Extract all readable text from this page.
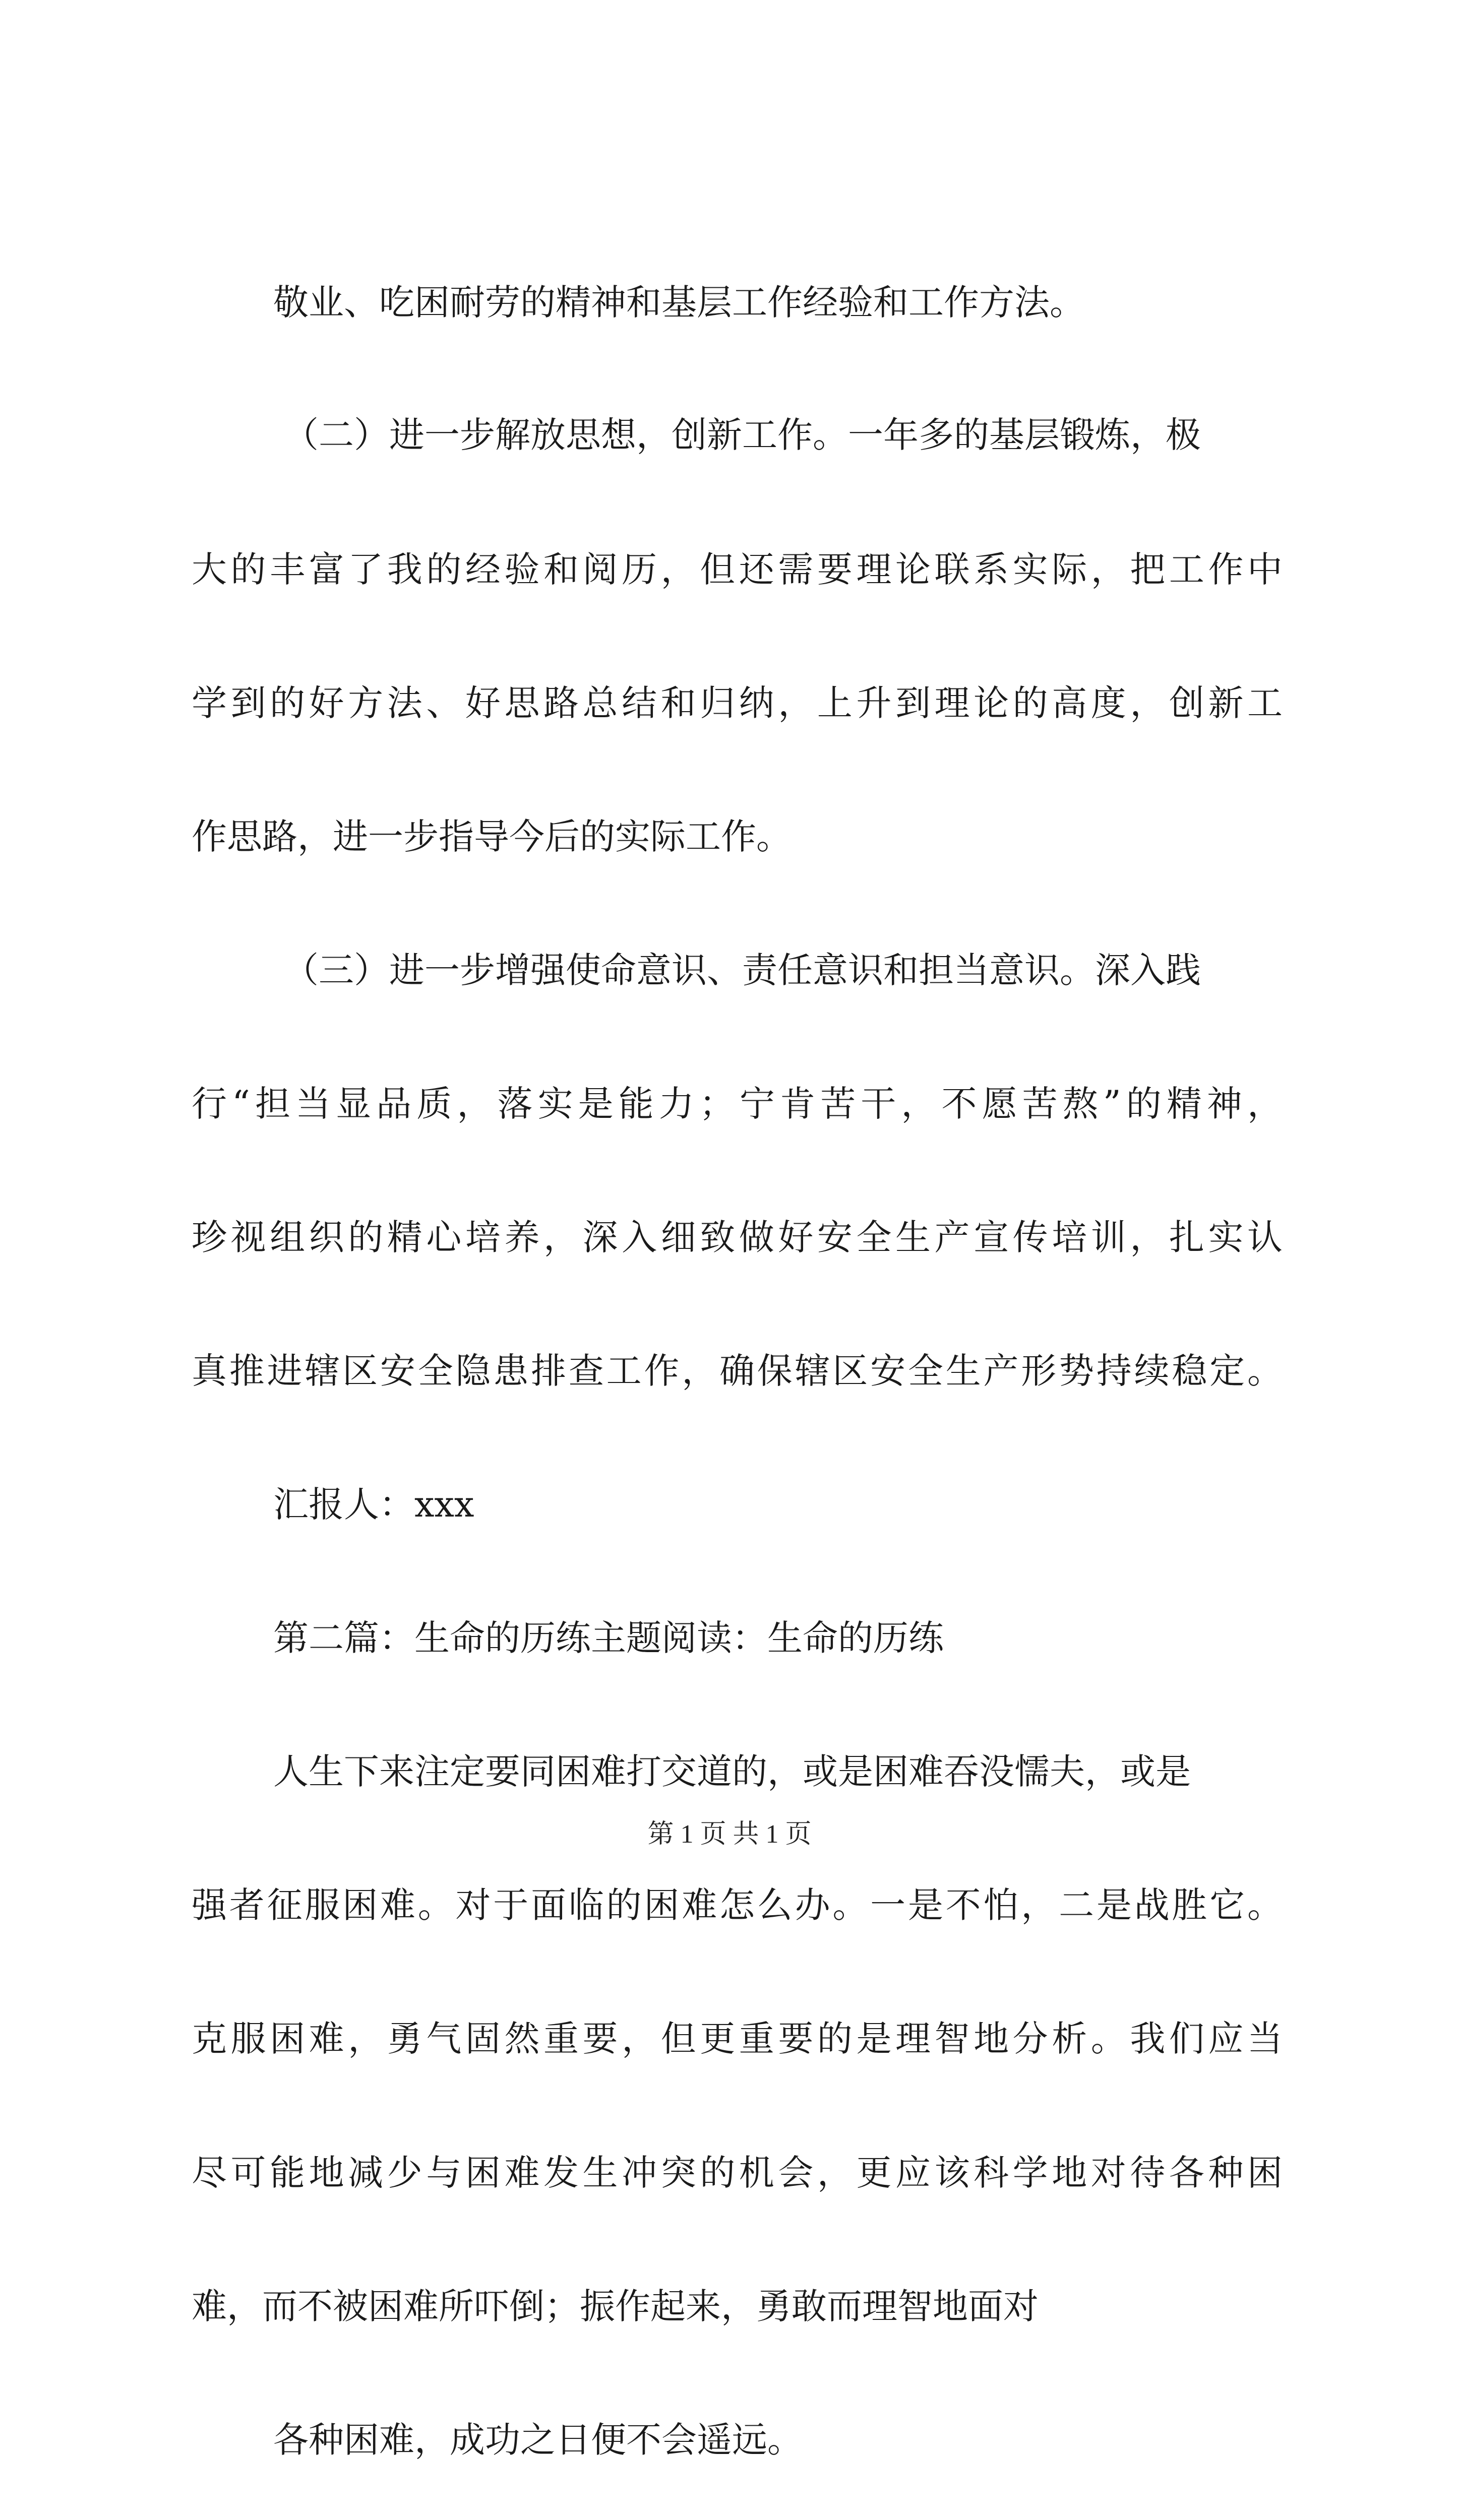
敬业、吃困耐劳的精神和基层工作经验和工作方法。
（二）进一步解放思想，创新工作。一年多的基层锻炼，极
大的丰富了我的经验和阅历，但还需要理论联系实际，把工作中
学到的好方法、好思路总结和归纳，上升到理论的高度，创新工
作思路，进一步指导今后的实际工作。
（三）进一步增强使命意识、责任意识和担当意识。深入践
行“担当显品质，落实是能力；宁肯苦干，不愿苦熬”的精神，
珍视组织的精心培养，深入细致做好安全生产宣传培训，扎实认
真推进辖区安全隐患排查工作，确保辖区安全生产形势持续稳定。
汇报人：xxx
第二篇：生命的历练主题阅读：生命的历练
人生下来注定要同困难打交道的，或是困难吞没懦夫，或是
强者征服困难。对于面临的困难怎么办。一是不怕，二是战胜它。
克服困难，勇气固然重要，但更重要的是理智地分析。我们应当
尽可能地减少与困难发生冲突的机会，更应该科学地对待各种困
难，而不被困难所吓倒；振作起来，勇敢而理智地面对
各种困难，成功之日便不会遥远。
第 1 页 共 1 页
